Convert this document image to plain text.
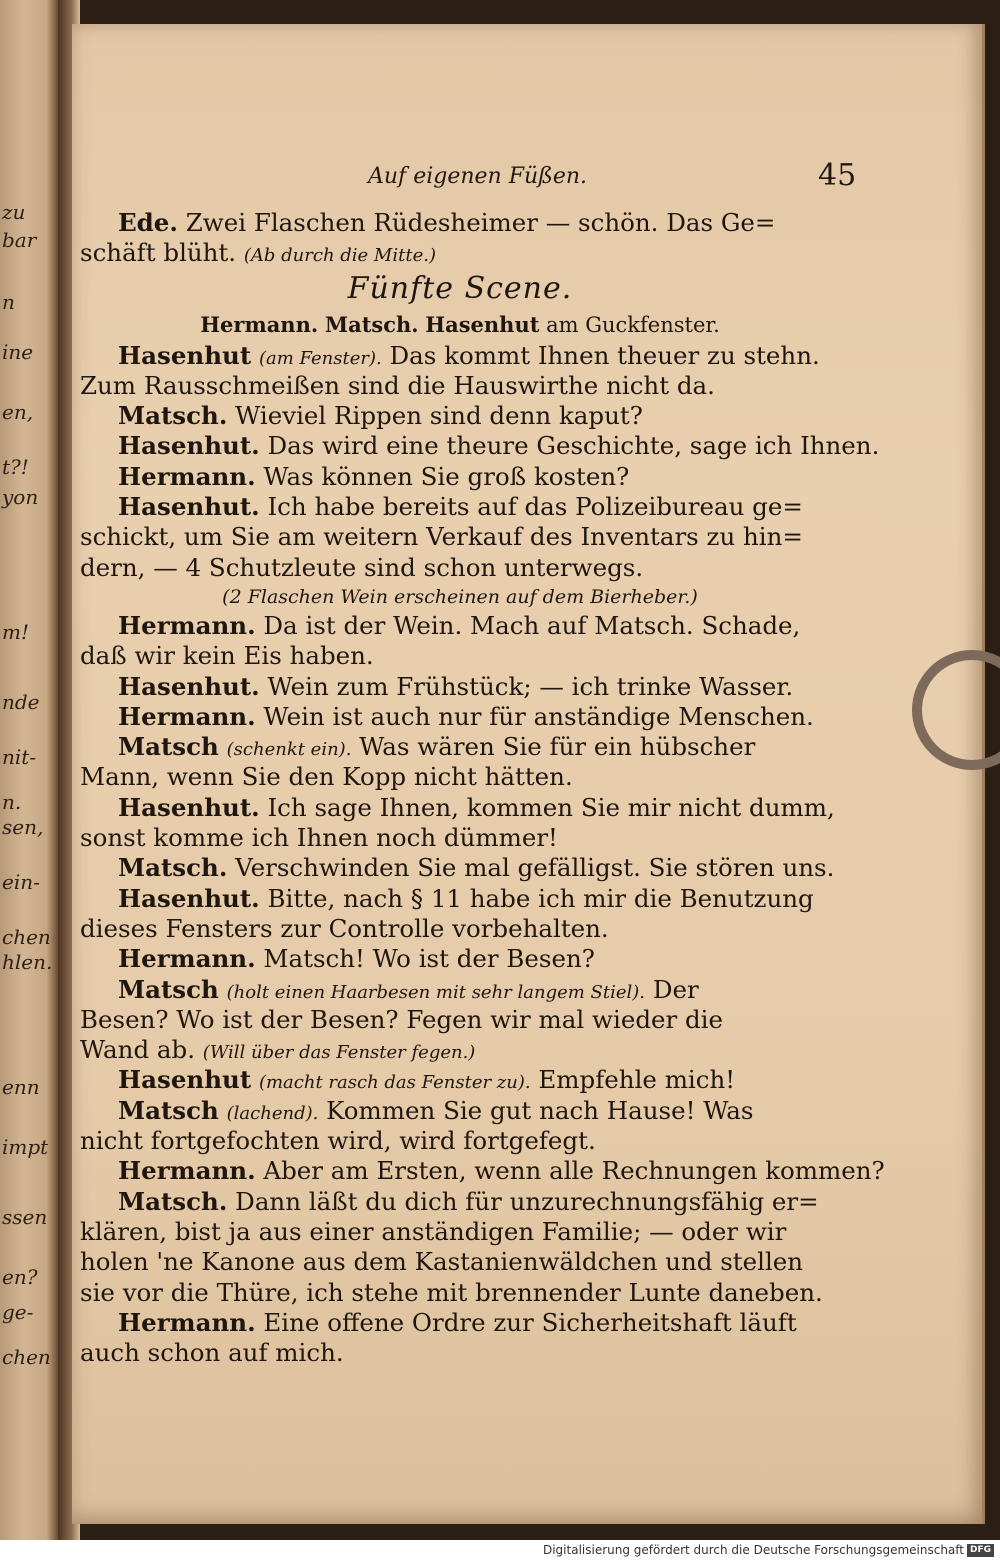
zu
bar
n
ine
en,
t?!
yon
m!
nde
nit-
n.
sen,
ein-
chen
hlen.
enn
impt
ssen
en?
ge-
chen
Auf eigenen Füßen.	45
Ede. Zwei Flaschen Rüdesheimer — schön. Das Ge=
schäft blüht. (Ab durch die Mitte.)
Fünfte Scene.
Hermann. Matsch. Hasenhut am Guckfenster.
Hasenhut (am Fenster). Das kommt Ihnen theuer zu stehn.
Zum Rausschmeißen sind die Hauswirthe nicht da.
Matsch. Wieviel Rippen sind denn kaput?
Hasenhut. Das wird eine theure Geschichte, sage ich Ihnen.
Hermann. Was können Sie groß kosten?
Hasenhut. Ich habe bereits auf das Polizeibureau ge=
schickt, um Sie am weitern Verkauf des Inventars zu hin=
dern, — 4 Schutzleute sind schon unterwegs.
(2 Flaschen Wein erscheinen auf dem Bierheber.)
Hermann. Da ist der Wein. Mach auf Matsch. Schade,
daß wir kein Eis haben.
Hasenhut. Wein zum Frühstück; — ich trinke Wasser.
Hermann. Wein ist auch nur für anständige Menschen.
Matsch (schenkt ein). Was wären Sie für ein hübscher
Mann, wenn Sie den Kopp nicht hätten.
Hasenhut. Ich sage Ihnen, kommen Sie mir nicht dumm,
sonst komme ich Ihnen noch dümmer!
Matsch. Verschwinden Sie mal gefälligst. Sie stören uns.
Hasenhut. Bitte, nach § 11 habe ich mir die Benutzung
dieses Fensters zur Controlle vorbehalten.
Hermann. Matsch! Wo ist der Besen?
Matsch (holt einen Haarbesen mit sehr langem Stiel). Der
Besen? Wo ist der Besen? Fegen wir mal wieder die
Wand ab. (Will über das Fenster fegen.)
Hasenhut (macht rasch das Fenster zu). Empfehle mich!
Matsch (lachend). Kommen Sie gut nach Hause! Was
nicht fortgefochten wird, wird fortgefegt.
Hermann. Aber am Ersten, wenn alle Rechnungen kommen?
Matsch. Dann läßt du dich für unzurechnungsfähig er=
klären, bist ja aus einer anständigen Familie; — oder wir
holen 'ne Kanone aus dem Kastanienwäldchen und stellen
sie vor die Thüre, ich stehe mit brennender Lunte daneben.
Hermann. Eine offene Ordre zur Sicherheitshaft läuft
auch schon auf mich.
Digitalisierung gefördert durch die Deutsche Forschungsgemeinschaft DFG
